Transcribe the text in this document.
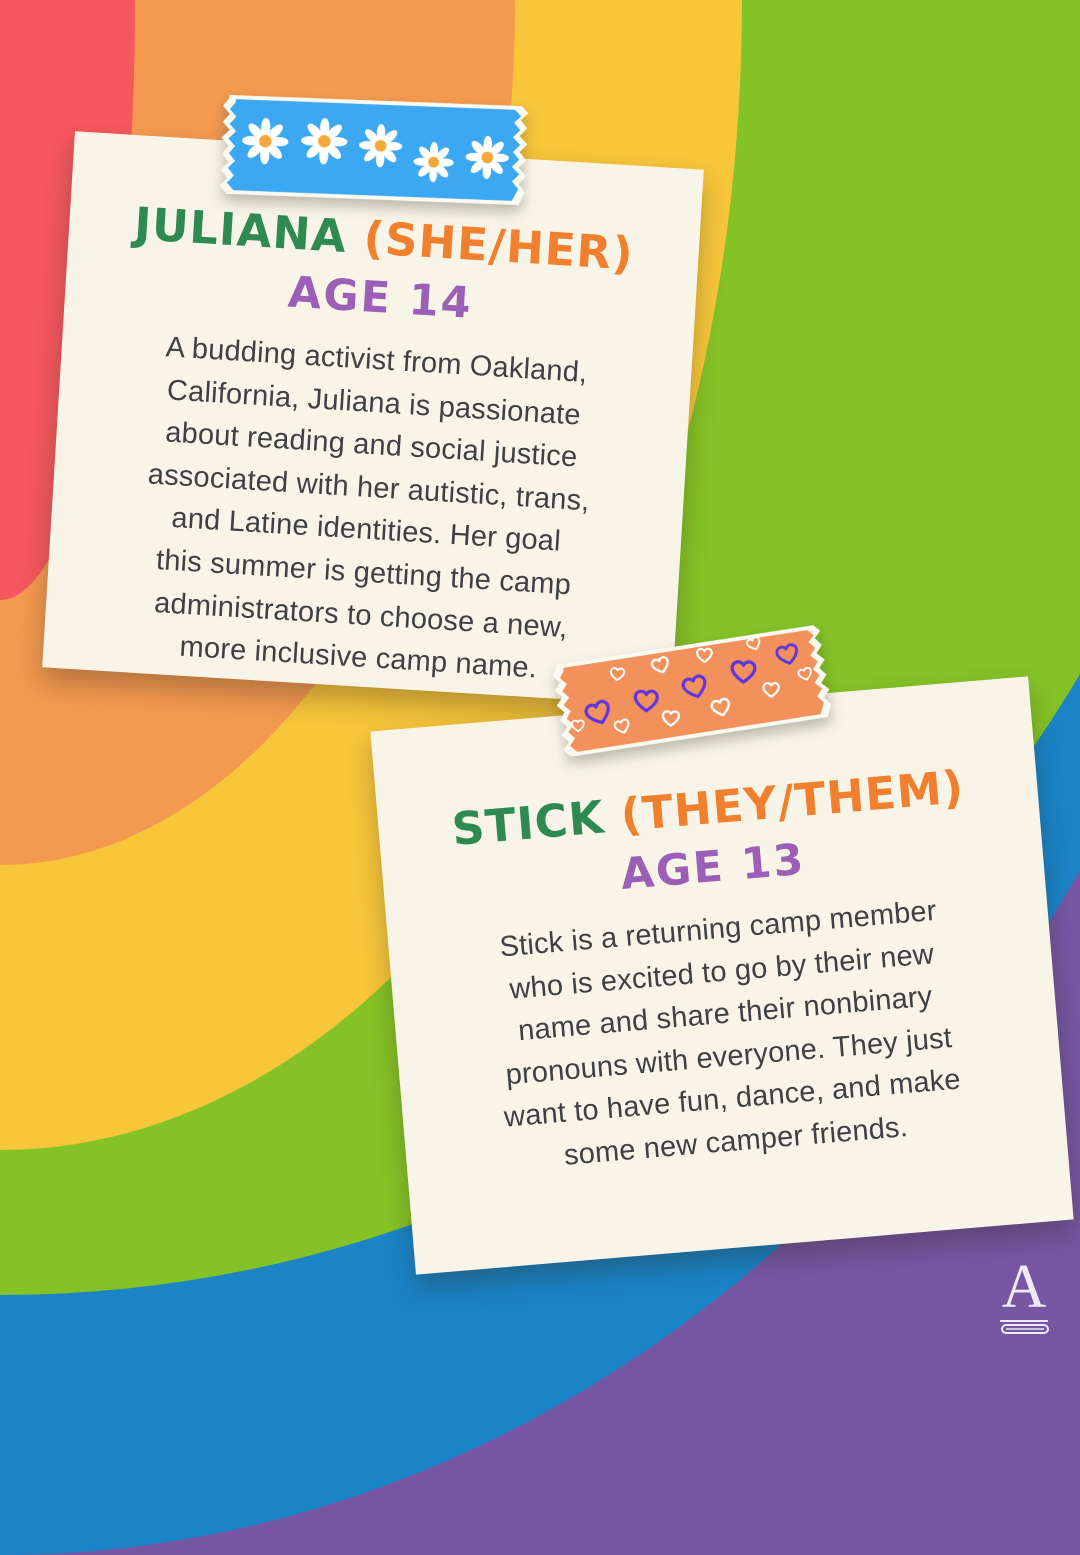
JULIANA (SHE/HER)
AGE 14
A budding activist from Oakland,
California, Juliana is passionate
about reading and social justice
associated with her autistic, trans,
and Latine identities. Her goal
this summer is getting the camp
administrators to choose a new,
more inclusive camp name.
STICK (THEY/THEM)
AGE 13
Stick is a returning camp member
who is excited to go by their new
name and share their nonbinary
pronouns with everyone. They just
want to have fun, dance, and make
some new camper friends.
A
